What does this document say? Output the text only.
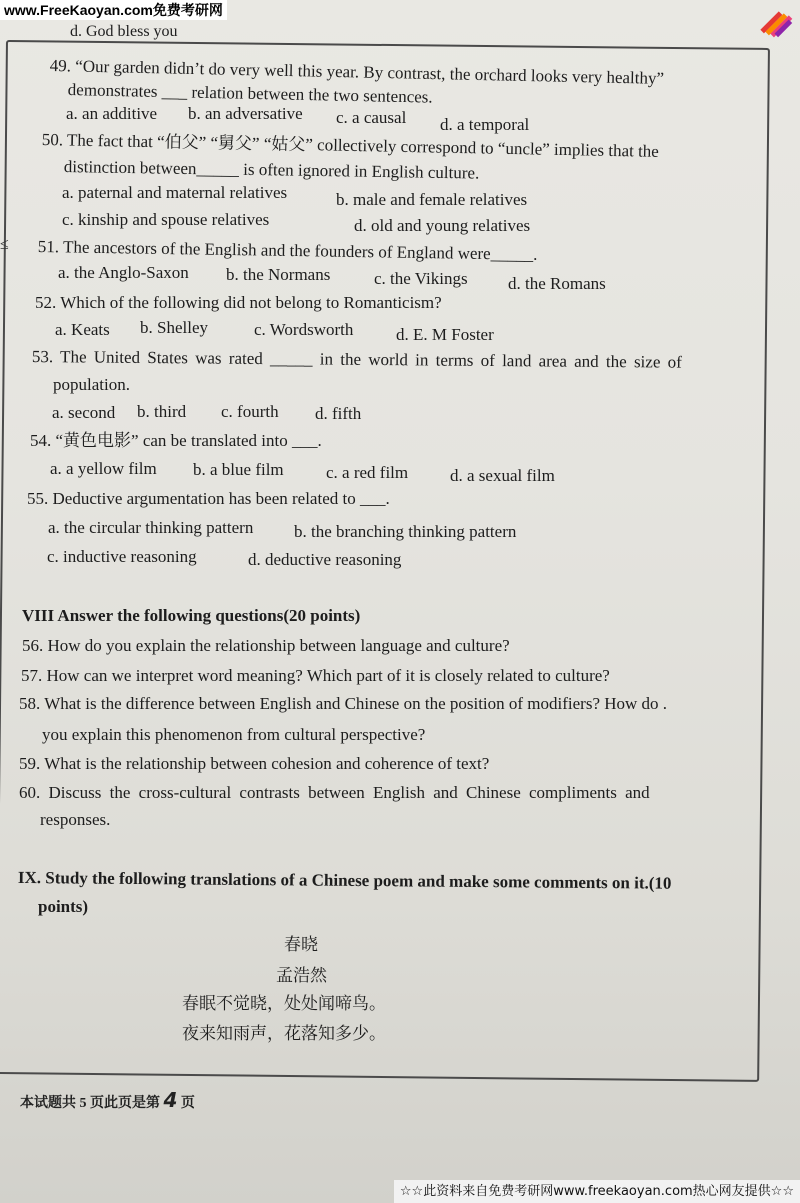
www.FreeKaoyan.com免费考研网
≤
d. God bless you
49. “Our garden didn’t do very well this year. By contrast, the orchard looks very healthy”
demonstrates ___ relation between the two sentences.
a. an additive b. an adversative c. a causal d. a temporal
50. The fact that “伯父” “舅父” “姑父” collectively correspond to “uncle” implies that the
distinction between_____ is often ignored in English culture.
a. paternal and maternal relatives	b. male and female relatives
c. kinship and spouse relatives	d. old and young relatives
51. The ancestors of the English and the founders of England were_____.
a. the Anglo-Saxon b. the Normans	c. the Vikings d. the Romans
52. Which of the following did not belong to Romanticism?
a. Keats b. Shelley	c. Wordsworth	d. E. M Foster
53. The United States was rated _____ in the world in terms of land area and the size of
population.
a. second b. third c. fourth d. fifth
54. “黄色电影” can be translated into ___.
a. a yellow film b. a blue film c. a red film d. a sexual film
55. Deductive argumentation has been related to ___.
a. the circular thinking pattern b. the branching thinking pattern
c. inductive reasoning	d. deductive reasoning
VIII Answer the following questions(20 points)
56. How do you explain the relationship between language and culture?
57. How can we interpret word meaning? Which part of it is closely related to culture?
58. What is the difference between English and Chinese on the position of modifiers? How do .
you explain this phenomenon from cultural perspective?
59. What is the relationship between cohesion and coherence of text?
60. Discuss the cross-cultural contrasts between English and Chinese compliments and
responses.
IX. Study the following translations of a Chinese poem and make some comments on it.(10
points)
春晓
孟浩然
春眠不觉晓，处处闻啼鸟。
夜来知雨声，花落知多少。
本试题共 5 页此页是第 4 页
☆☆此资料来自免费考研网www.freekaoyan.com热心网友提供☆☆
